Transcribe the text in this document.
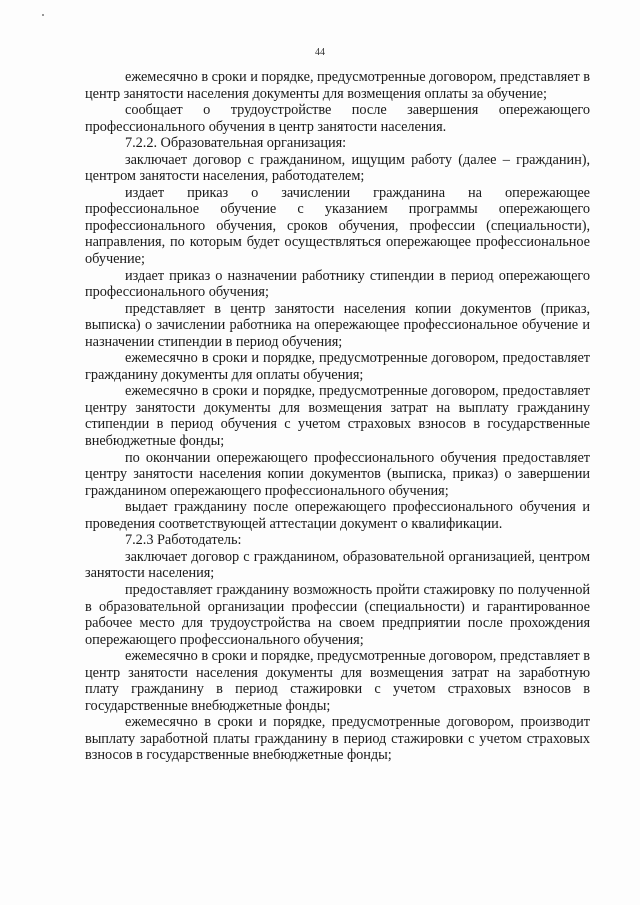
44

ежемесячно в сроки и порядке, предусмотренные договором, представляет в центр занятости населения документы для возмещения оплаты за обучение;

сообщает о трудоустройстве после завершения опережающего профессионального обучения в центр занятости населения.

7.2.2. Образовательная организация:

заключает договор с гражданином, ищущим работу (далее – гражданин), центром занятости населения, работодателем;

издает приказ о зачислении гражданина на опережающее профессиональное обучение с указанием программы опережающего профессионального обучения, сроков обучения, профессии (специальности), направления, по которым будет осуществляться опережающее профессиональное обучение;

издает приказ о назначении работнику стипендии в период опережающего профессионального обучения;

представляет в центр занятости населения копии документов (приказ, выписка) о зачислении работника на опережающее профессиональное обучение и назначении стипендии в период обучения;

ежемесячно в сроки и порядке, предусмотренные договором, предоставляет гражданину документы для оплаты обучения;

ежемесячно в сроки и порядке, предусмотренные договором, предоставляет центру занятости документы для возмещения затрат на выплату гражданину стипендии в период обучения с учетом страховых взносов в государственные внебюджетные фонды;

по окончании опережающего профессионального обучения предоставляет центру занятости населения копии документов (выписка, приказ) о завершении гражданином опережающего профессионального обучения;

выдает гражданину после опережающего профессионального обучения и проведения соответствующей аттестации документ о квалификации.

7.2.3 Работодатель:

заключает договор с гражданином, образовательной организацией, центром занятости населения;

предоставляет гражданину возможность пройти стажировку по полученной в образовательной организации профессии (специальности) и гарантированное рабочее место для трудоустройства на своем предприятии после прохождения опережающего профессионального обучения;

ежемесячно в сроки и порядке, предусмотренные договором, представляет в центр занятости населения документы для возмещения затрат на заработную плату гражданину в период стажировки с учетом страховых взносов в государственные внебюджетные фонды;

ежемесячно в сроки и порядке, предусмотренные договором, производит выплату заработной платы гражданину в период стажировки с учетом страховых взносов в государственные внебюджетные фонды;
